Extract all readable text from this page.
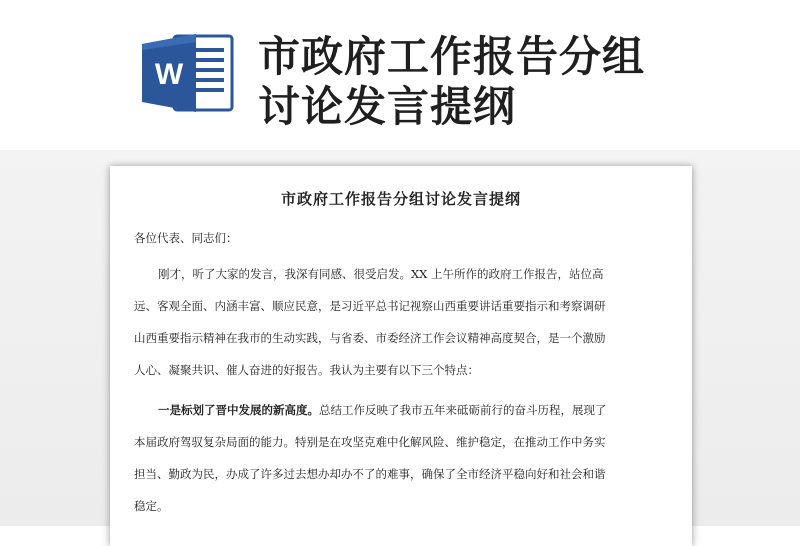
W 市政府工作报告分组
讨论发言提纲
市政府工作报告分组讨论发言提纲
各位代表、同志们：
刚才，听了大家的发言，我深有同感、很受启发。XX 上午所作的政府工作报告，站位高
远、客观全面、内涵丰富、顺应民意，是习近平总书记视察山西重要讲话重要指示和考察调研
山西重要指示精神在我市的生动实践，与省委、市委经济工作会议精神高度契合，是一个激励
人心、凝聚共识、催人奋进的好报告。我认为主要有以下三个特点：
一是标划了晋中发展的新高度。总结工作反映了我市五年来砥砺前行的奋斗历程，展现了
本届政府驾驭复杂局面的能力。特别是在攻坚克难中化解风险、维护稳定，在推动工作中务实
担当、勤政为民，办成了许多过去想办却办不了的难事，确保了全市经济平稳向好和社会和谐
稳定。
